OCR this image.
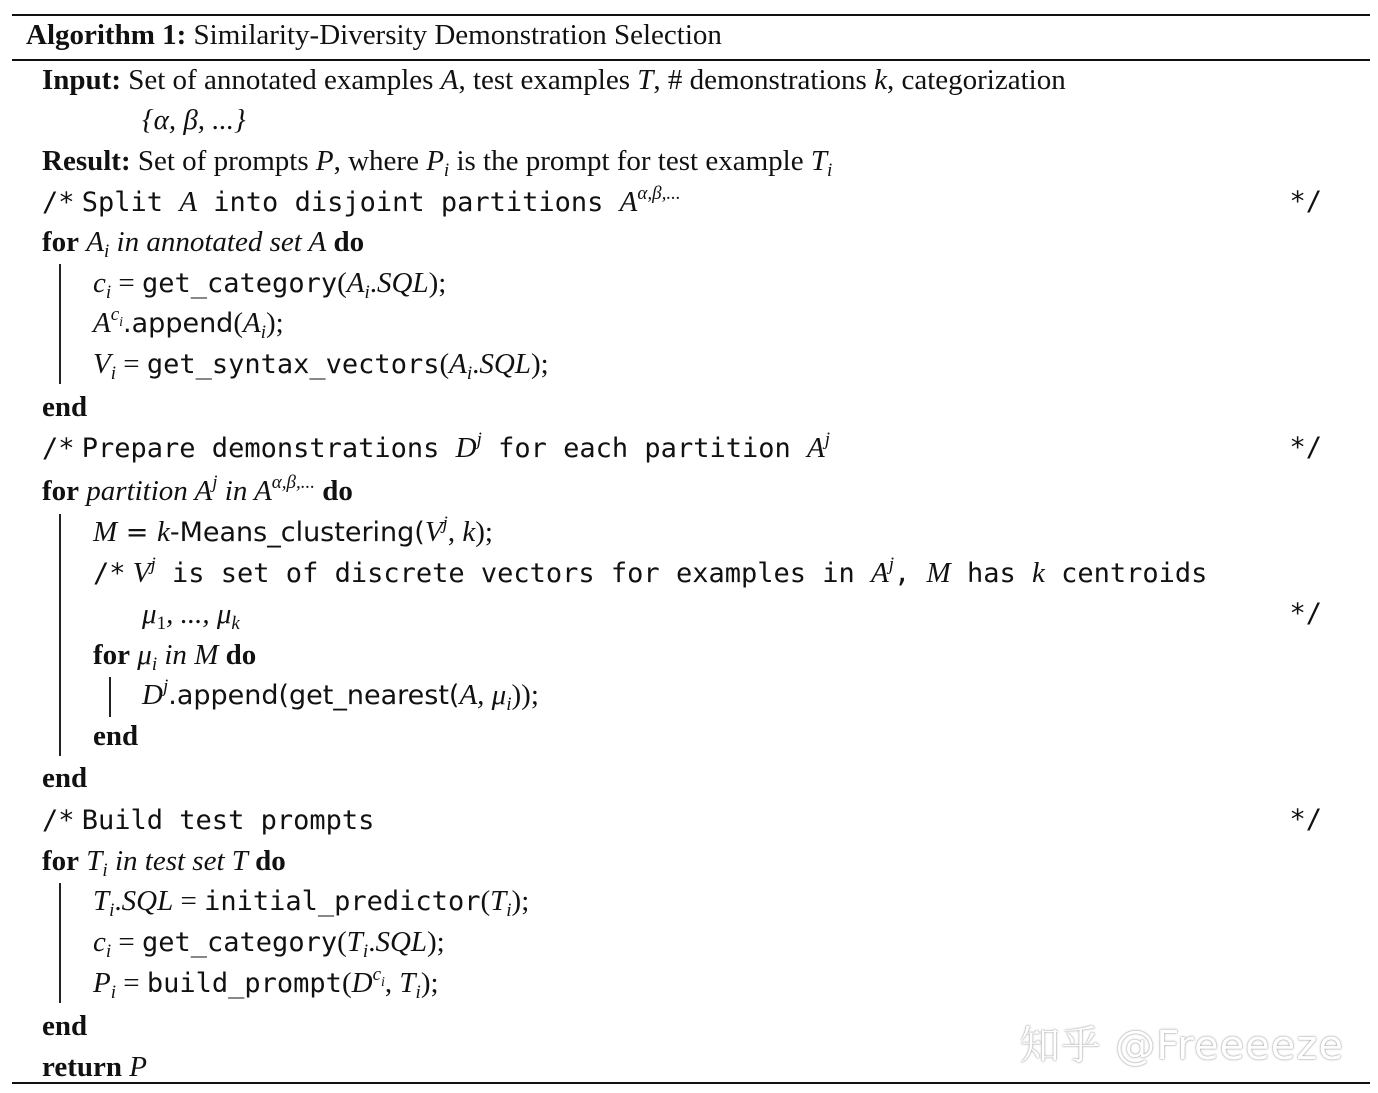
Algorithm 1: Similarity-Diversity Demonstration Selection
Input: Set of annotated examples A, test examples T, # demonstrations k, categorization
{α, β, ...}
Result: Set of prompts P, where $P_i$ is the prompt for test example $T_i$
/* Split A into disjoint partitions $A^{\alpha,\beta,...}$	*/
for $A_i$ in annotated set A do
$c_i$ = $get\_category(A_i.SQL)$;
$A^{c_i}.append(A_i)$;
$V_i$ = $get\_syntax\_vectors(A_i.SQL)$;
end
/* Prepare demonstrations $D^j$ for each partition $A^j$	*/
for partition $A^j$ in $A^{\alpha,\beta,...}$ do
$M = k-Means\_clustering(V^j$, k);
/* $V^j$ is set of discrete vectors for examples in $A^j$, M has k centroids
$\mu_1$, ..., $\mu_k$	*/
for $\mu_i$ in M do
$D^j.append(get\_nearest(A$, $\mu_i$));
end
end
/* Build test prompts	*/
for $T_i$ in test set T do
$T_i.SQL$ = $initial\_predictor(T_i)$;
$c_i$ = $get\_category(T_i.SQL)$;
$P_i$ = $build\_prompt(D^{c_i}$, $T_i$);
end
return P	知乎 @Freeeeze
